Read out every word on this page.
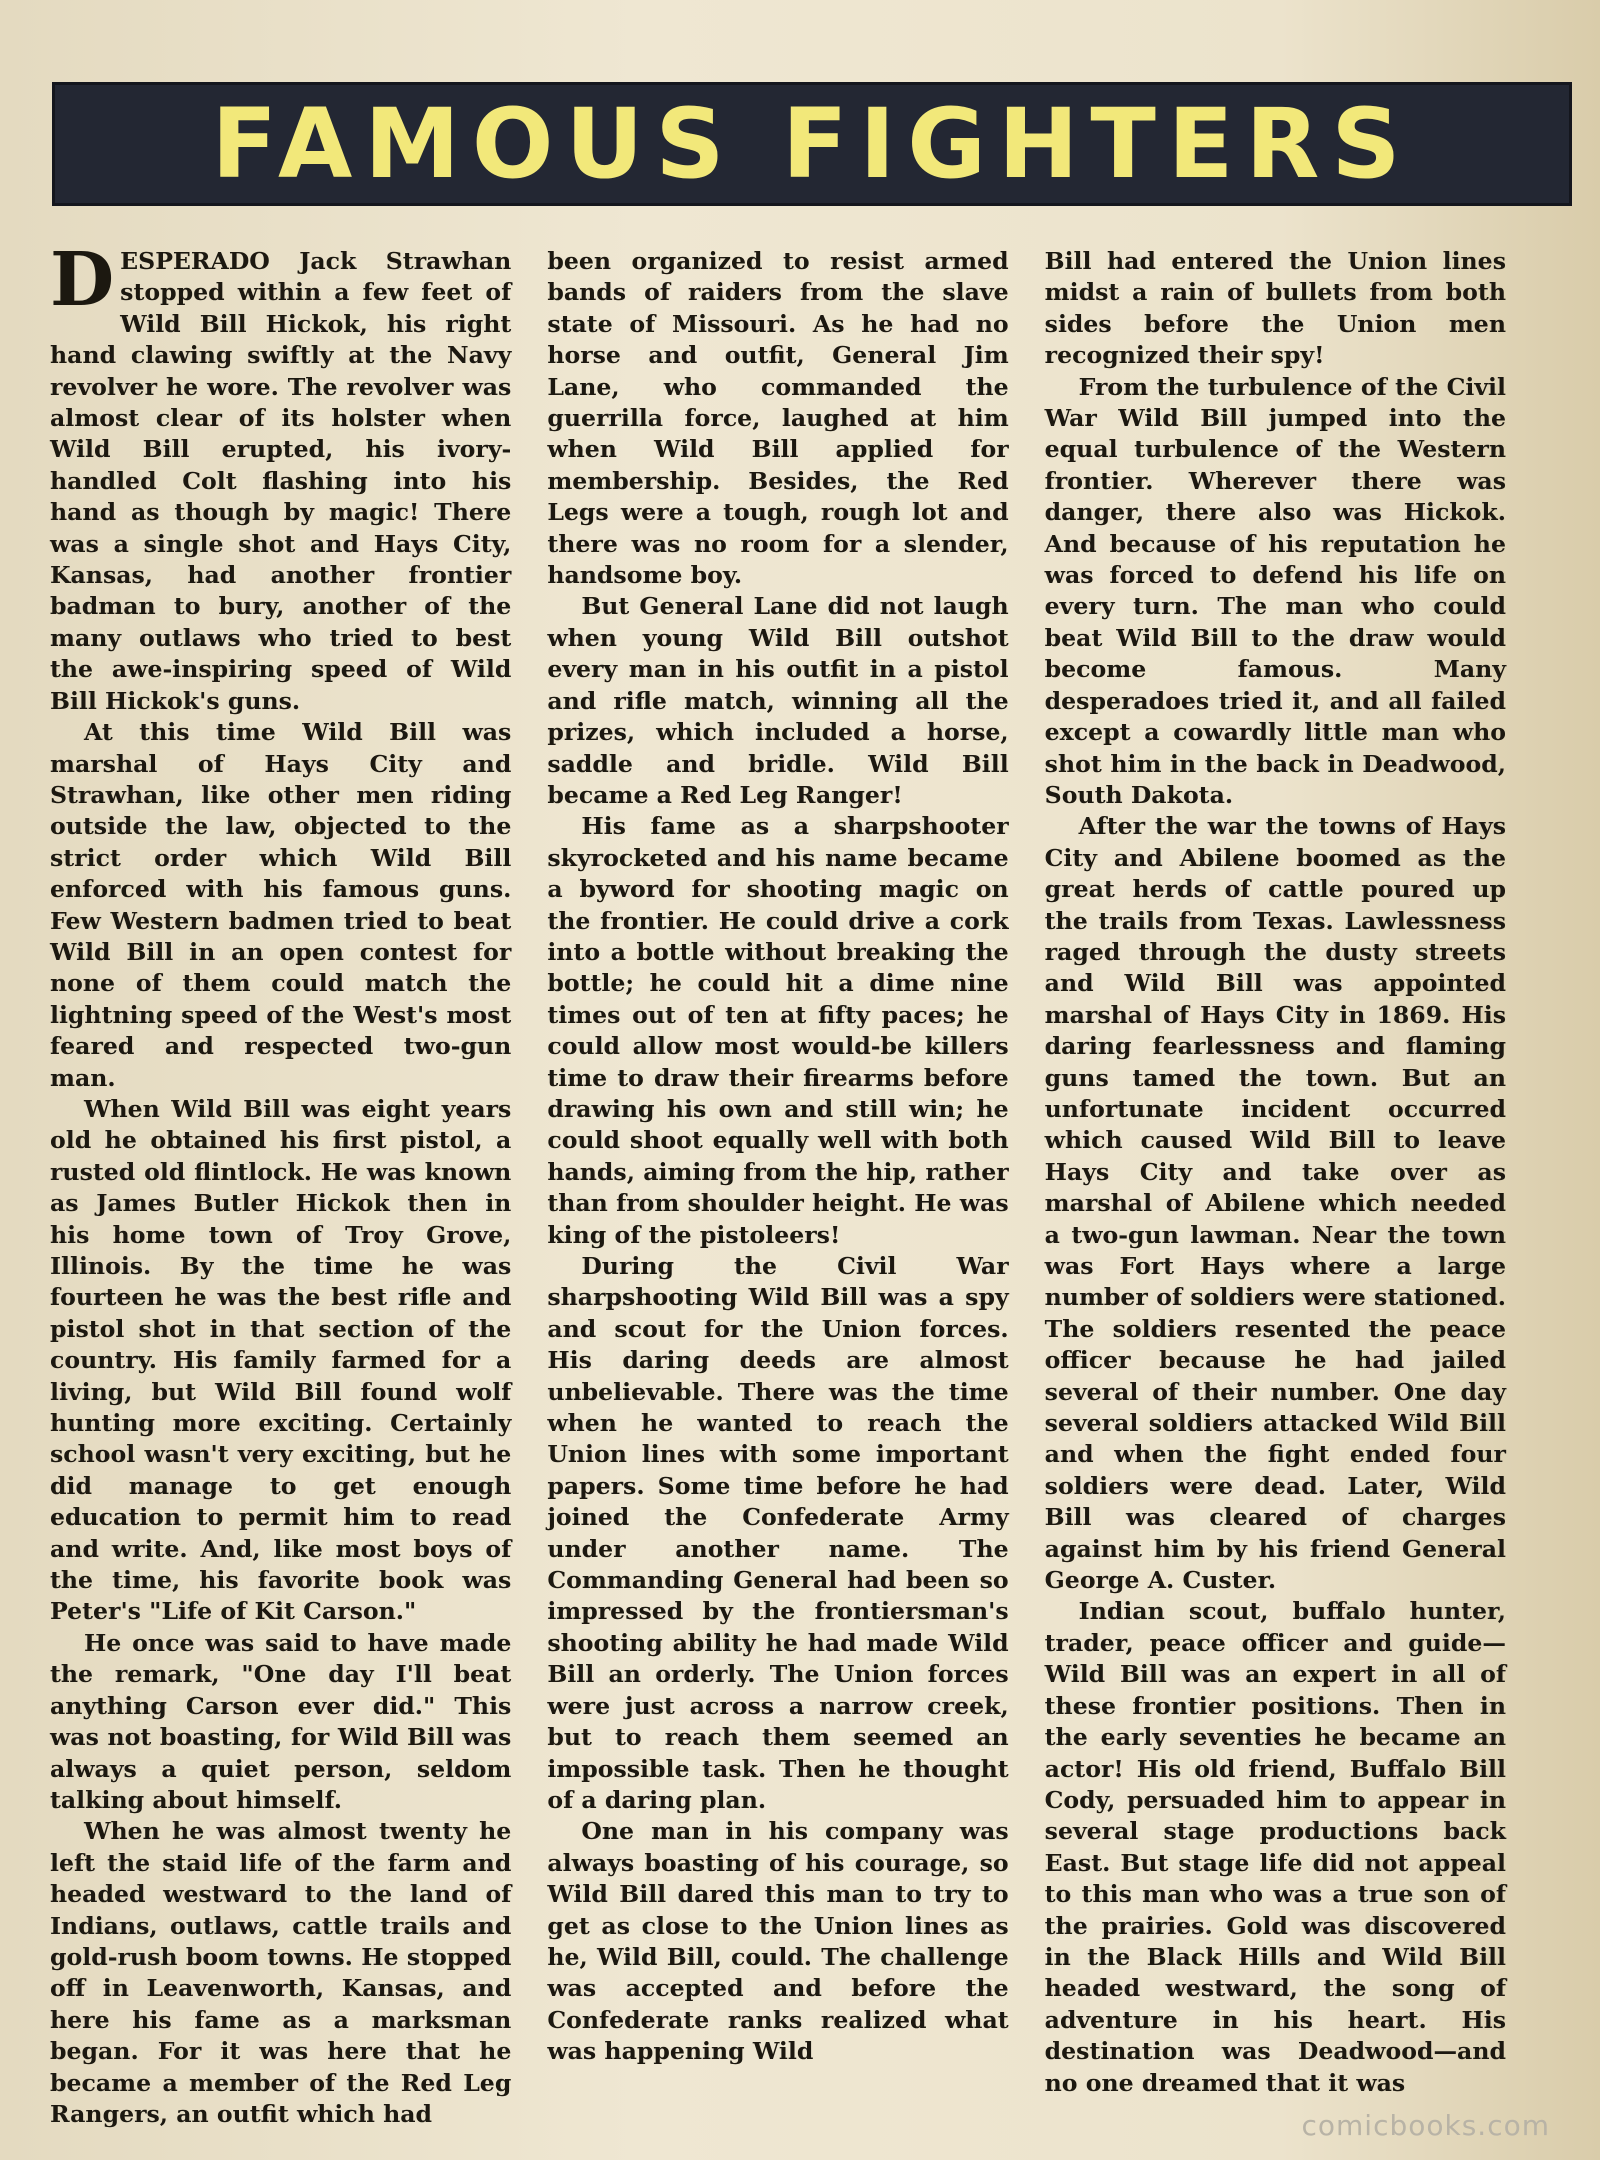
FAMOUS FIGHTERS

DESPERADO Jack Strawhan stopped within a few feet of Wild Bill Hickok, his right hand clawing swiftly at the Navy revolver he wore. The revolver was almost clear of its holster when Wild Bill erupted, his ivory-handled Colt flashing into his hand as though by magic! There was a single shot and Hays City, Kansas, had another frontier badman to bury, another of the many outlaws who tried to best the awe-inspiring speed of Wild Bill Hickok's guns.

At this time Wild Bill was marshal of Hays City and Strawhan, like other men riding outside the law, objected to the strict order which Wild Bill enforced with his famous guns. Few Western badmen tried to beat Wild Bill in an open contest for none of them could match the lightning speed of the West's most feared and respected two-gun man.

When Wild Bill was eight years old he obtained his first pistol, a rusted old flintlock. He was known as James Butler Hickok then in his home town of Troy Grove, Illinois. By the time he was fourteen he was the best rifle and pistol shot in that section of the country. His family farmed for a living, but Wild Bill found wolf hunting more exciting. Certainly school wasn't very exciting, but he did manage to get enough education to permit him to read and write. And, like most boys of the time, his favorite book was Peter's "Life of Kit Carson."

He once was said to have made the remark, "One day I'll beat anything Carson ever did." This was not boasting, for Wild Bill was always a quiet person, seldom talking about himself.

When he was almost twenty he left the staid life of the farm and headed westward to the land of Indians, outlaws, cattle trails and gold-rush boom towns. He stopped off in Leavenworth, Kansas, and here his fame as a marksman began. For it was here that he became a member of the Red Leg Rangers, an outfit which had

been organized to resist armed bands of raiders from the slave state of Missouri. As he had no horse and outfit, General Jim Lane, who commanded the guerrilla force, laughed at him when Wild Bill applied for membership. Besides, the Red Legs were a tough, rough lot and there was no room for a slender, handsome boy.

But General Lane did not laugh when young Wild Bill outshot every man in his outfit in a pistol and rifle match, winning all the prizes, which included a horse, saddle and bridle. Wild Bill became a Red Leg Ranger!

His fame as a sharpshooter skyrocketed and his name became a byword for shooting magic on the frontier. He could drive a cork into a bottle without breaking the bottle; he could hit a dime nine times out of ten at fifty paces; he could allow most would-be killers time to draw their firearms before drawing his own and still win; he could shoot equally well with both hands, aiming from the hip, rather than from shoulder height. He was king of the pistoleers!

During the Civil War sharpshooting Wild Bill was a spy and scout for the Union forces. His daring deeds are almost unbelievable. There was the time when he wanted to reach the Union lines with some important papers. Some time before he had joined the Confederate Army under another name. The Commanding General had been so impressed by the frontiersman's shooting ability he had made Wild Bill an orderly. The Union forces were just across a narrow creek, but to reach them seemed an impossible task. Then he thought of a daring plan.

One man in his company was always boasting of his courage, so Wild Bill dared this man to try to get as close to the Union lines as he, Wild Bill, could. The challenge was accepted and before the Confederate ranks realized what was happening Wild

Bill had entered the Union lines midst a rain of bullets from both sides before the Union men recognized their spy!

From the turbulence of the Civil War Wild Bill jumped into the equal turbulence of the Western frontier. Wherever there was danger, there also was Hickok. And because of his reputation he was forced to defend his life on every turn. The man who could beat Wild Bill to the draw would become famous. Many desperadoes tried it, and all failed except a cowardly little man who shot him in the back in Deadwood, South Dakota.

After the war the towns of Hays City and Abilene boomed as the great herds of cattle poured up the trails from Texas. Lawlessness raged through the dusty streets and Wild Bill was appointed marshal of Hays City in 1869. His daring fearlessness and flaming guns tamed the town. But an unfortunate incident occurred which caused Wild Bill to leave Hays City and take over as marshal of Abilene which needed a two-gun lawman. Near the town was Fort Hays where a large number of soldiers were stationed. The soldiers resented the peace officer because he had jailed several of their number. One day several soldiers attacked Wild Bill and when the fight ended four soldiers were dead. Later, Wild Bill was cleared of charges against him by his friend General George A. Custer.

Indian scout, buffalo hunter, trader, peace officer and guide—Wild Bill was an expert in all of these frontier positions. Then in the early seventies he became an actor! His old friend, Buffalo Bill Cody, persuaded him to appear in several stage productions back East. But stage life did not appeal to this man who was a true son of the prairies. Gold was discovered in the Black Hills and Wild Bill headed westward, the song of adventure in his heart. His destination was Deadwood—and no one dreamed that it was

comicbooks.com
